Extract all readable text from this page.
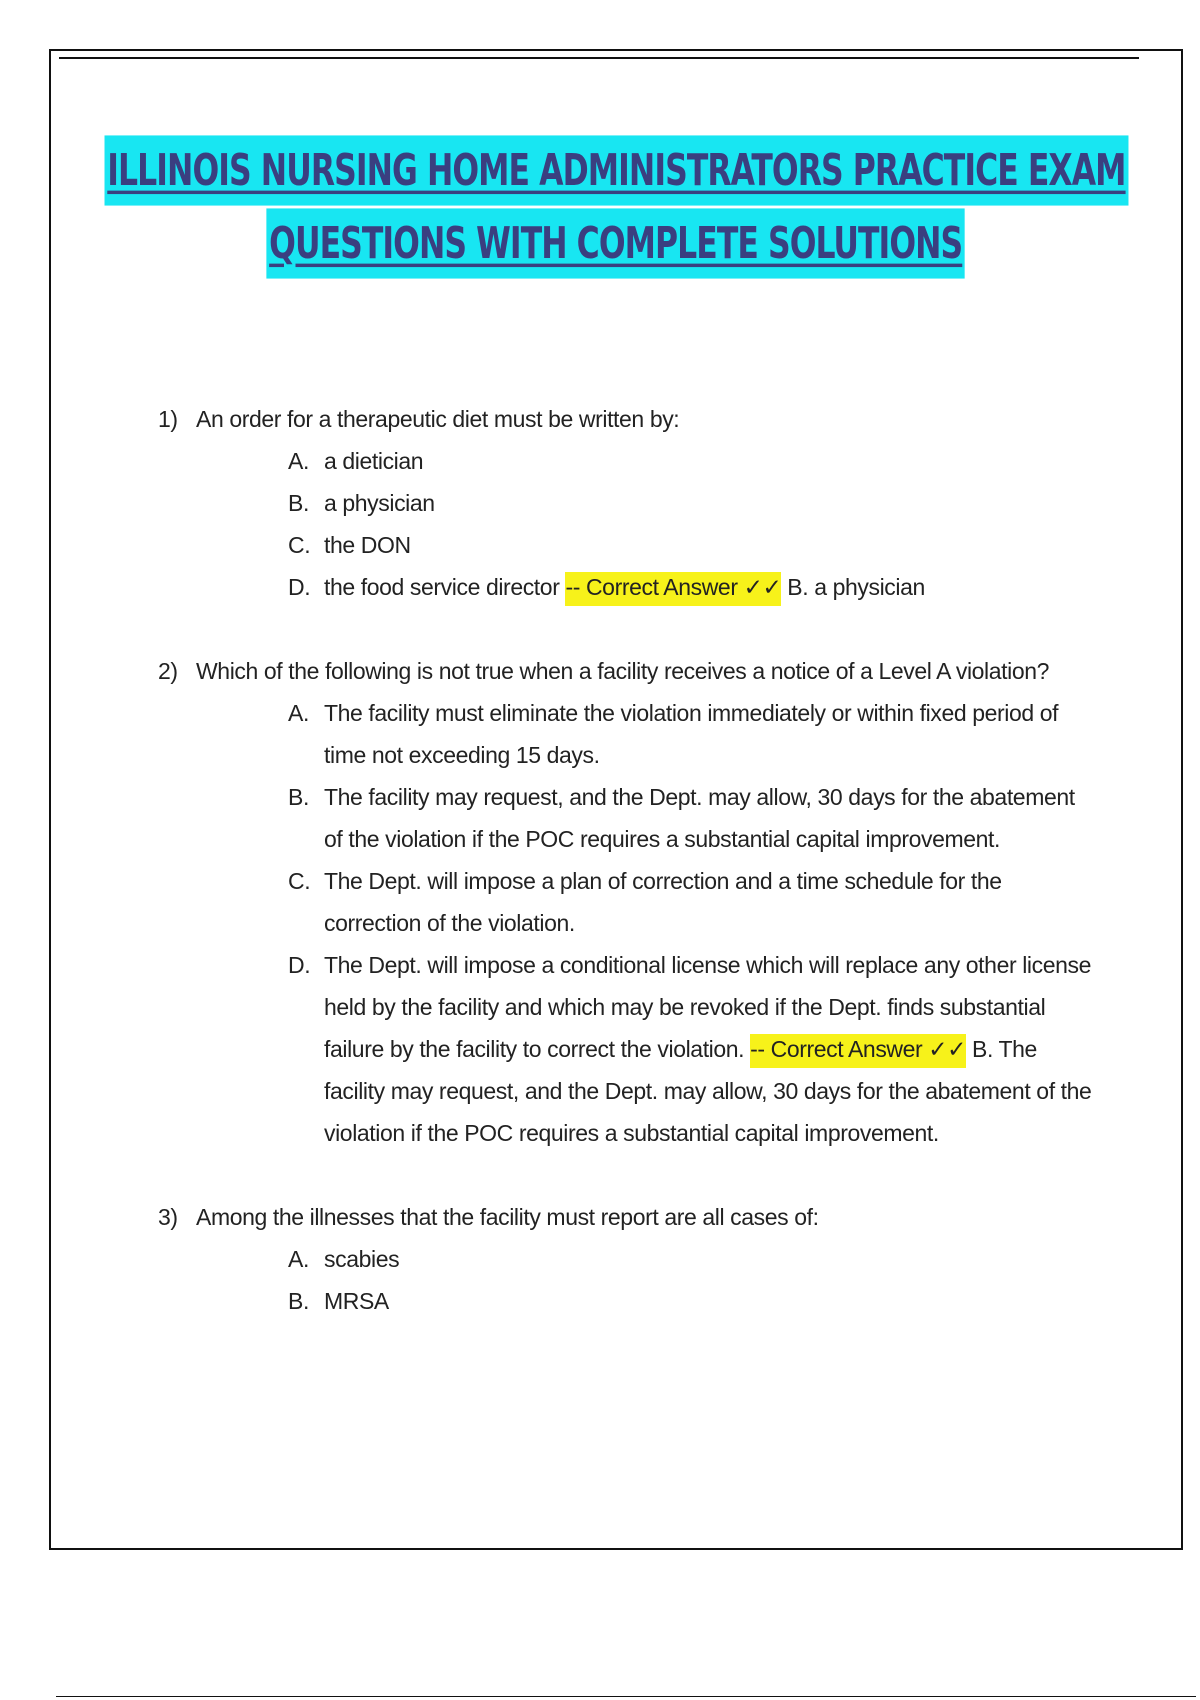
ILLINOIS NURSING HOME ADMINISTRATORS PRACTICE EXAM
QUESTIONS WITH COMPLETE SOLUTIONS
1) An order for a therapeutic diet must be written by:
A. a dietician
B. a physician
C. the DON
D. the food service director -- Correct Answer ✓✓ B. a physician
2) Which of the following is not true when a facility receives a notice of a Level A violation?
A. The facility must eliminate the violation immediately or within fixed period of time not exceeding 15 days.
B. The facility may request, and the Dept. may allow, 30 days for the abatement of the violation if the POC requires a substantial capital improvement.
C. The Dept. will impose a plan of correction and a time schedule for the correction of the violation.
D. The Dept. will impose a conditional license which will replace any other license held by the facility and which may be revoked if the Dept. finds substantial failure by the facility to correct the violation. -- Correct Answer ✓✓ B. The facility may request, and the Dept. may allow, 30 days for the abatement of the violation if the POC requires a substantial capital improvement.
3) Among the illnesses that the facility must report are all cases of:
A. scabies
B. MRSA
